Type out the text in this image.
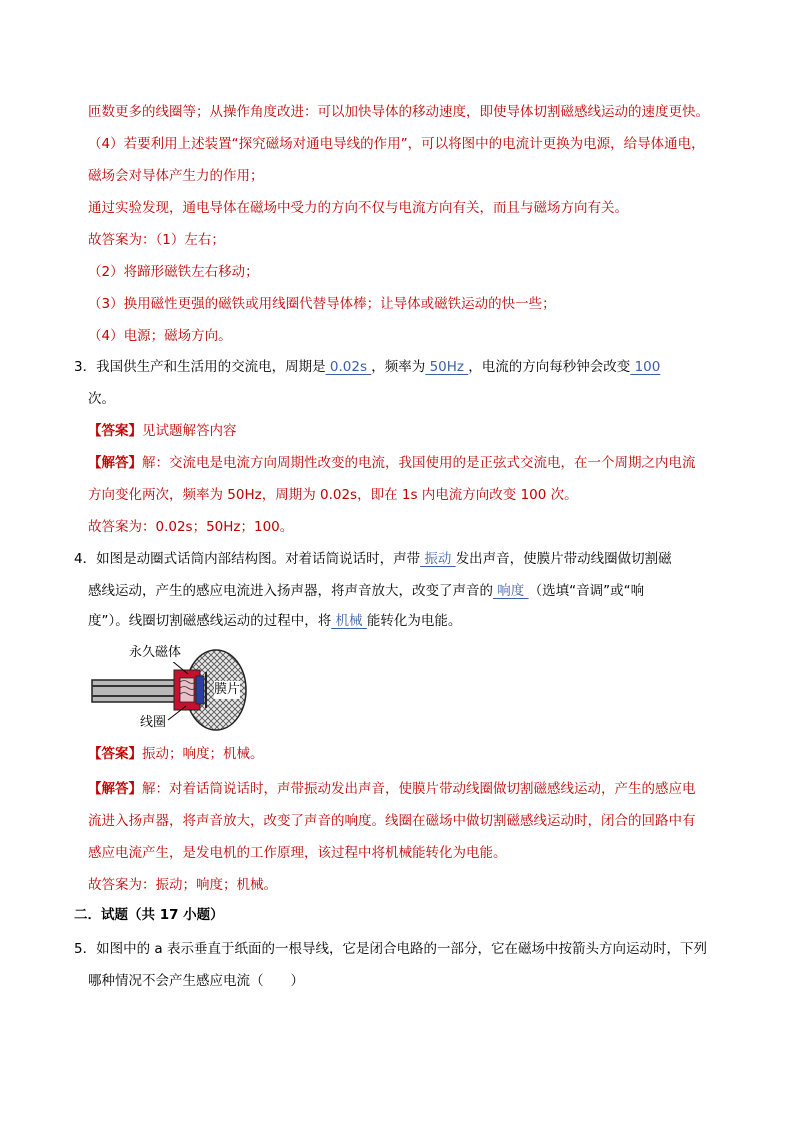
匝数更多的线圈等；从操作角度改进：可以加快导体的移动速度，即使导体切割磁感线运动的速度更快。
（4）若要利用上述装置“探究磁场对通电导线的作用”，可以将图中的电流计更换为电源，给导体通电，
磁场会对导体产生力的作用；
通过实验发现，通电导体在磁场中受力的方向不仅与电流方向有关，而且与磁场方向有关。
故答案为：（1）左右；
（2）将蹄形磁铁左右移动；
（3）换用磁性更强的磁铁或用线圈代替导体棒；让导体或磁铁运动的快一些；
（4）电源；磁场方向。
3．我国供生产和生活用的交流电，周期是 0.02s ，频率为 50Hz ，电流的方向每秒钟会改变 100
次。
【答案】见试题解答内容
【解答】解：交流电是电流方向周期性改变的电流，我国使用的是正弦式交流电，在一个周期之内电流
方向变化两次，频率为 50Hz，周期为 0.02s，即在 1s 内电流方向改变 100 次。
故答案为：0.02s；50Hz；100。
4．如图是动圈式话筒内部结构图。对着话筒说话时，声带 振动 发出声音，使膜片带动线圈做切割磁
感线运动，产生的感应电流进入扬声器，将声音放大，改变了声音的 响度 （选填“音调”或“响
度”）。线圈切割磁感线运动的过程中，将 机械 能转化为电能。
永久磁体
膜片
线圈
【答案】振动；响度；机械。
【解答】解：对着话筒说话时，声带振动发出声音，使膜片带动线圈做切割磁感线运动，产生的感应电
流进入扬声器，将声音放大，改变了声音的响度。线圈在磁场中做切割磁感线运动时，闭合的回路中有
感应电流产生，是发电机的工作原理，该过程中将机械能转化为电能。
故答案为：振动；响度；机械。
二．试题（共 17 小题）
5．如图中的 a 表示垂直于纸面的一根导线，它是闭合电路的一部分，它在磁场中按箭头方向运动时，下列
哪种情况不会产生感应电流（　　）
